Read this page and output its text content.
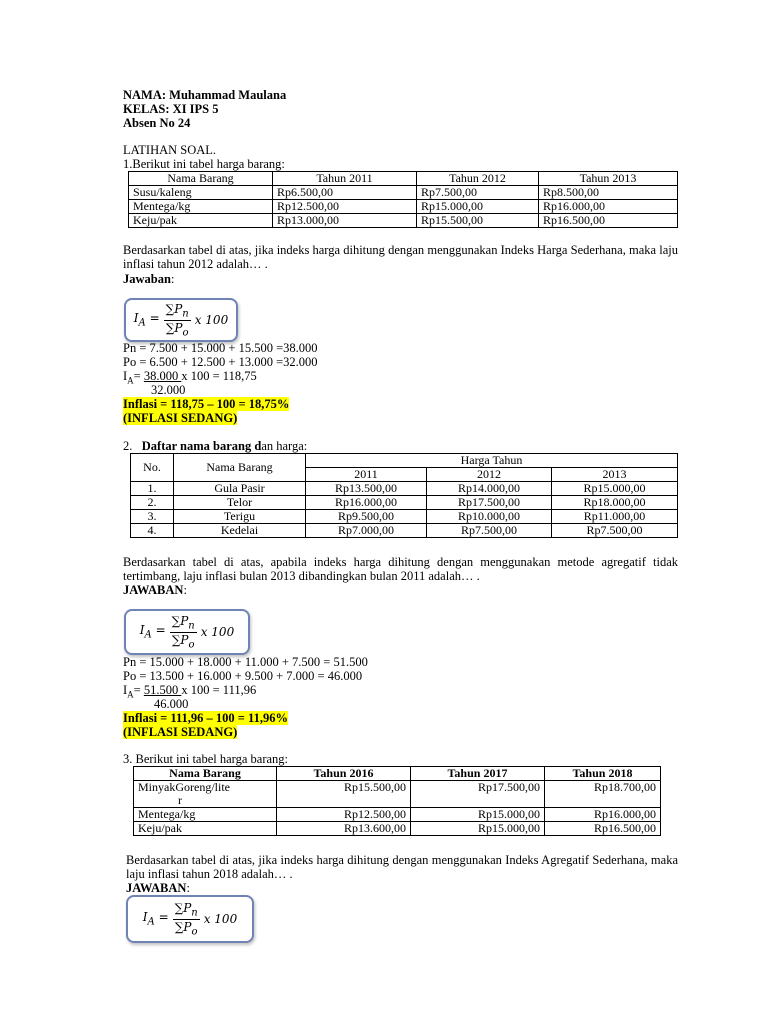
NAMA: Muhammad Maulana
KELAS: XI IPS 5
Absen No 24
LATIHAN SOAL.
1.Berikut ini tabel harga barang:
Nama Barang	Tahun 2011	Tahun 2012	Tahun 2013
Susu/kaleng	Rp6.500,00	Rp7.500,00	Rp8.500,00
Mentega/kg	Rp12.500,00	Rp15.000,00	Rp16.000,00
Keju/pak	Rp13.000,00	Rp15.500,00	Rp16.500,00
Berdasarkan tabel di atas, jika indeks harga dihitung dengan menggunakan Indeks Harga Sederhana, maka laju inflasi tahun 2012 adalah… .
Jawaban:
$I_A = \frac{\sum P_n}{\sum P_o}$ x 100
Pn = 7.500 + 15.000 + 15.500 =38.000
Po = 6.500 + 12.500 + 13.000 =32.000
$I_A= 38.000$ x 100 = 118,75
32.000
Inflasi = 118,75 – 100 = 18,75%
(INFLASI SEDANG)
2. Daftar nama barang dan harga:
No.	Nama Barang	Harga Tahun		
		2011	2012	2013
1.	Gula Pasir	Rp13.500,00	Rp14.000,00	Rp15.000,00
2.	Telor	Rp16.000,00	Rp17.500,00	Rp18.000,00
3.	Terigu	Rp9.500,00	Rp10.000,00	Rp11.000,00
4.	Kedelai	Rp7.000,00	Rp7.500,00	Rp7.500,00
Berdasarkan tabel di atas, apabila indeks harga dihitung dengan menggunakan metode agregatif tidak tertimbang, laju inflasi bulan 2013 dibandingkan bulan 2011 adalah… .
JAWABAN:
$I_A = \frac{\sum P_n}{\sum P_o}$ x 100
Pn = 15.000 + 18.000 + 11.000 + 7.500 = 51.500
Po = 13.500 + 16.000 + 9.500 + 7.000 = 46.000
$I_A= 51.500$ x 100 = 111,96
46.000
Inflasi = 111,96 – 100 = 11,96%
(INFLASI SEDANG)
3. Berikut ini tabel harga barang:
Nama Barang	Tahun 2016	Tahun 2017	Tahun 2018

MinyakGoreng/lite
r	Rp15.500,00	Rp17.500,00	Rp18.700,00
Mentega/kg	Rp12.500,00	Rp15.000,00	Rp16.000,00
Keju/pak	Rp13.600,00	Rp15.000,00	Rp16.500,00
Berdasarkan tabel di atas, jika indeks harga dihitung dengan menggunakan Indeks Agregatif Sederhana, maka laju inflasi tahun 2018 adalah… .
JAWABAN:
$I_A = \frac{\sum P_n}{\sum P_o}$ x 100
